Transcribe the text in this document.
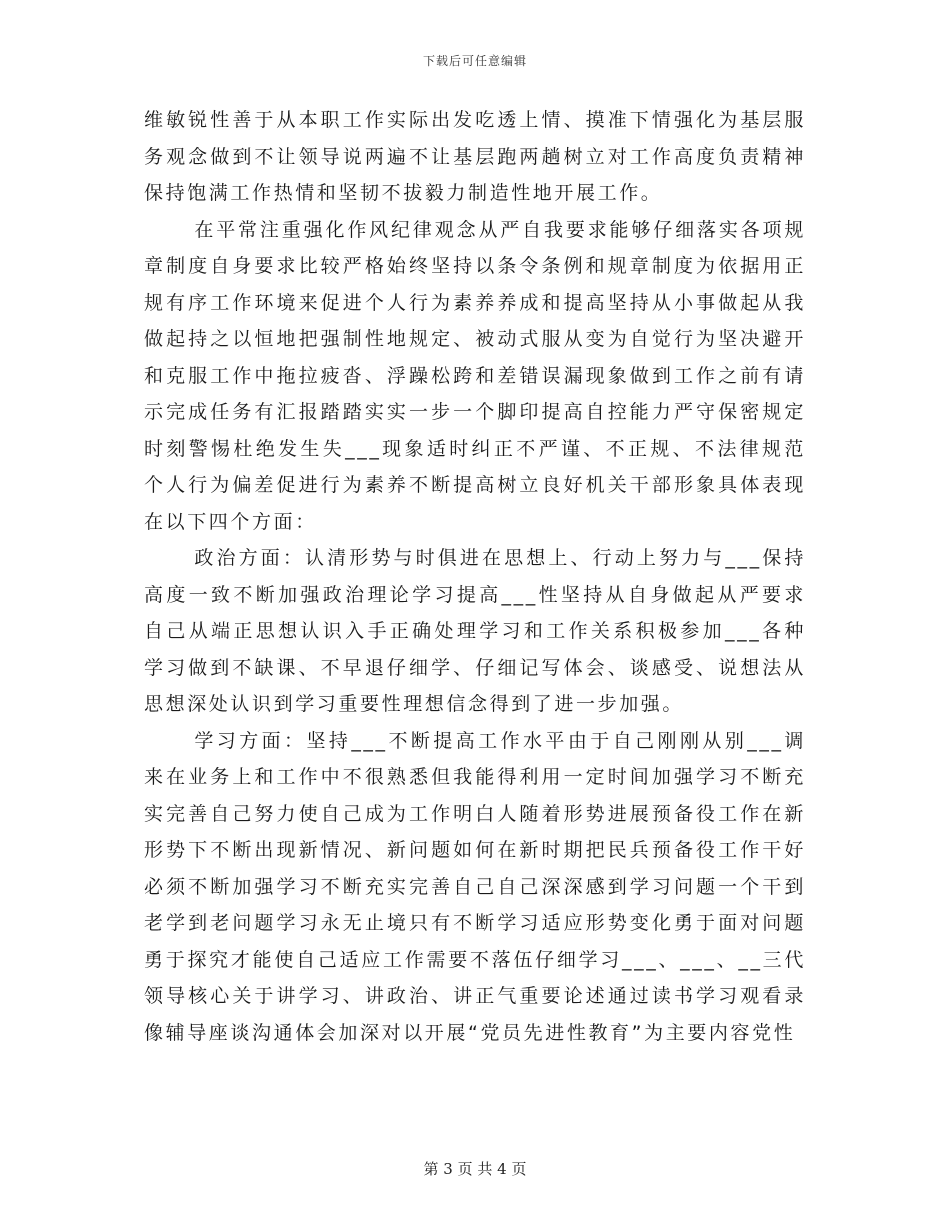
下载后可任意编辑

维敏锐性善于从本职工作实际出发吃透上情、摸准下情强化为基层服务观念做到不让领导说两遍不让基层跑两趟树立对工作高度负责精神保持饱满工作热情和坚韧不拔毅力制造性地开展工作。

在平常注重强化作风纪律观念从严自我要求能够仔细落实各项规章制度自身要求比较严格始终坚持以条令条例和规章制度为依据用正规有序工作环境来促进个人行为素养养成和提高坚持从小事做起从我做起持之以恒地把强制性地规定、被动式服从变为自觉行为坚决避开和克服工作中拖拉疲沓、浮躁松跨和差错误漏现象做到工作之前有请示完成任务有汇报踏踏实实一步一个脚印提高自控能力严守保密规定时刻警惕杜绝发生失___现象适时纠正不严谨、不正规、不法律规范个人行为偏差促进行为素养不断提高树立良好机关干部形象具体表现在以下四个方面：

政治方面：认清形势与时俱进在思想上、行动上努力与___保持高度一致不断加强政治理论学习提高___性坚持从自身做起从严要求自己从端正思想认识入手正确处理学习和工作关系积极参加___各种学习做到不缺课、不早退仔细学、仔细记写体会、谈感受、说想法从思想深处认识到学习重要性理想信念得到了进一步加强。

学习方面：坚持___不断提高工作水平由于自己刚刚从别___调来在业务上和工作中不很熟悉但我能得利用一定时间加强学习不断充实完善自己努力使自己成为工作明白人随着形势进展预备役工作在新形势下不断出现新情况、新问题如何在新时期把民兵预备役工作干好必须不断加强学习不断充实完善自己自己深深感到学习问题一个干到老学到老问题学习永无止境只有不断学习适应形势变化勇于面对问题勇于探究才能使自己适应工作需要不落伍仔细学习___、___、__三代领导核心关于讲学习、讲政治、讲正气重要论述通过读书学习观看录像辅导座谈沟通体会加深对以开展“党员先进性教育”为主要内容党性

第 3 页 共 4 页
